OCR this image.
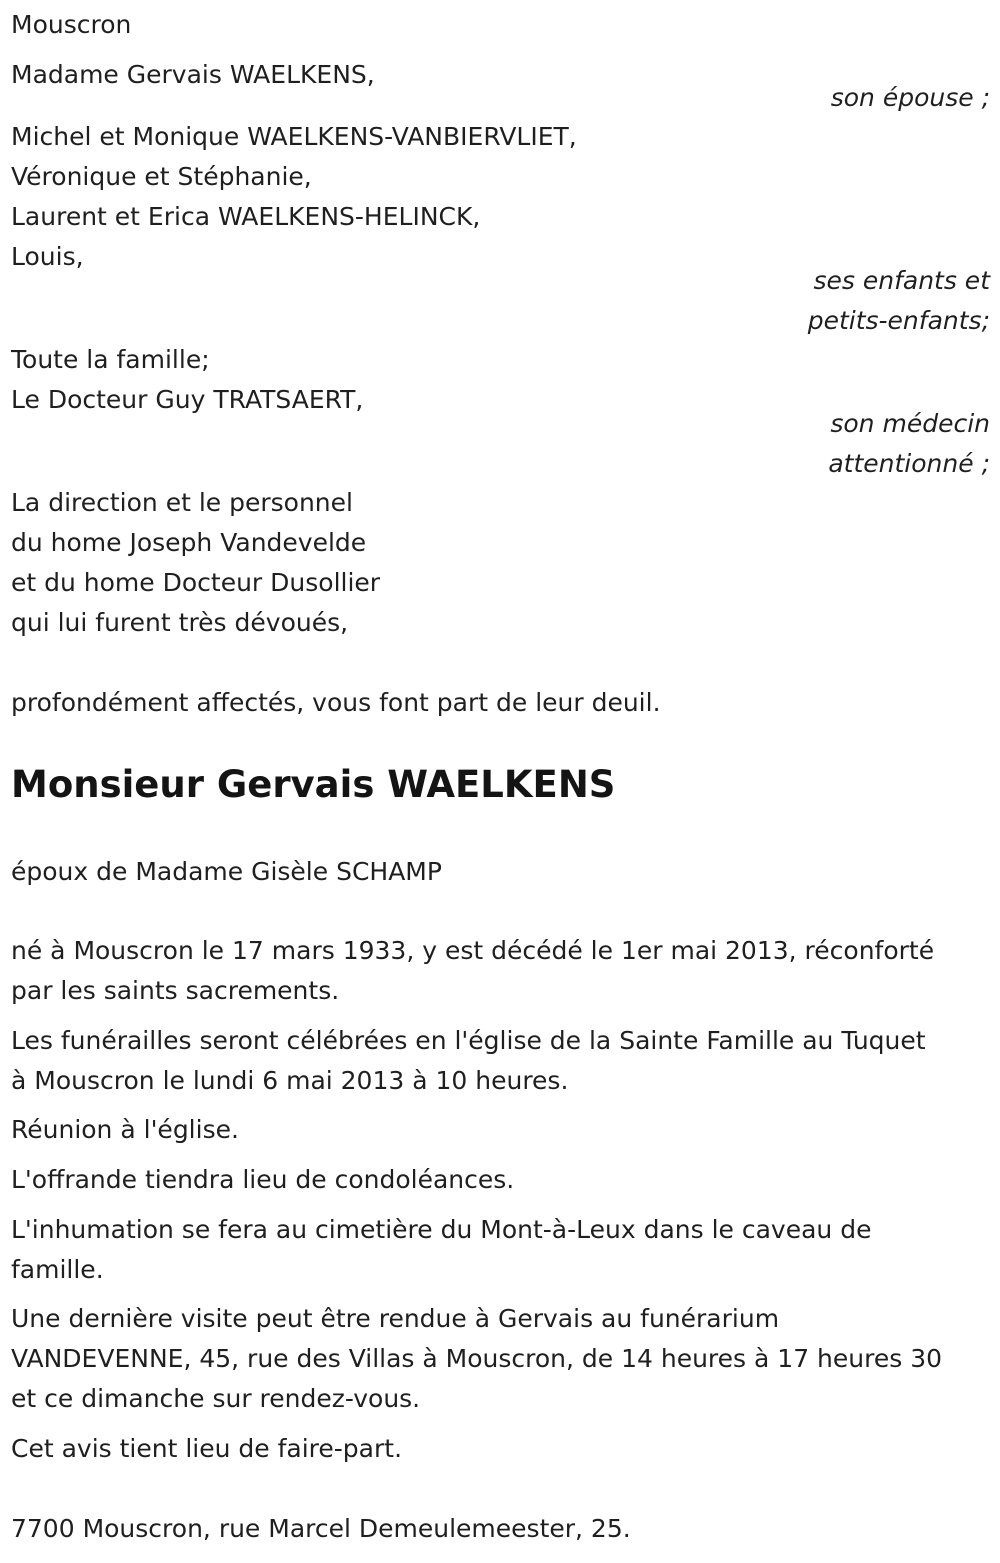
Mouscron
Madame Gervais WAELKENS,
son épouse ;
Michel et Monique WAELKENS-VANBIERVLIET,
Véronique et Stéphanie,
Laurent et Erica WAELKENS-HELINCK,
Louis,
ses enfants et
petits-enfants;
Toute la famille;
Le Docteur Guy TRATSAERT,
son médecin
attentionné ;
La direction et le personnel
du home Joseph Vandevelde
et du home Docteur Dusollier
qui lui furent très dévoués,
profondément affectés, vous font part de leur deuil.
Monsieur Gervais WAELKENS
époux de Madame Gisèle SCHAMP
né à Mouscron le 17 mars 1933, y est décédé le 1er mai 2013, réconforté
par les saints sacrements.
Les funérailles seront célébrées en l'église de la Sainte Famille au Tuquet
à Mouscron le lundi 6 mai 2013 à 10 heures.
Réunion à l'église.
L'offrande tiendra lieu de condoléances.
L'inhumation se fera au cimetière du Mont-à-Leux dans le caveau de
famille.
Une dernière visite peut être rendue à Gervais au funérarium
VANDEVENNE, 45, rue des Villas à Mouscron, de 14 heures à 17 heures 30
et ce dimanche sur rendez-vous.
Cet avis tient lieu de faire-part.
7700 Mouscron, rue Marcel Demeulemeester, 25.
